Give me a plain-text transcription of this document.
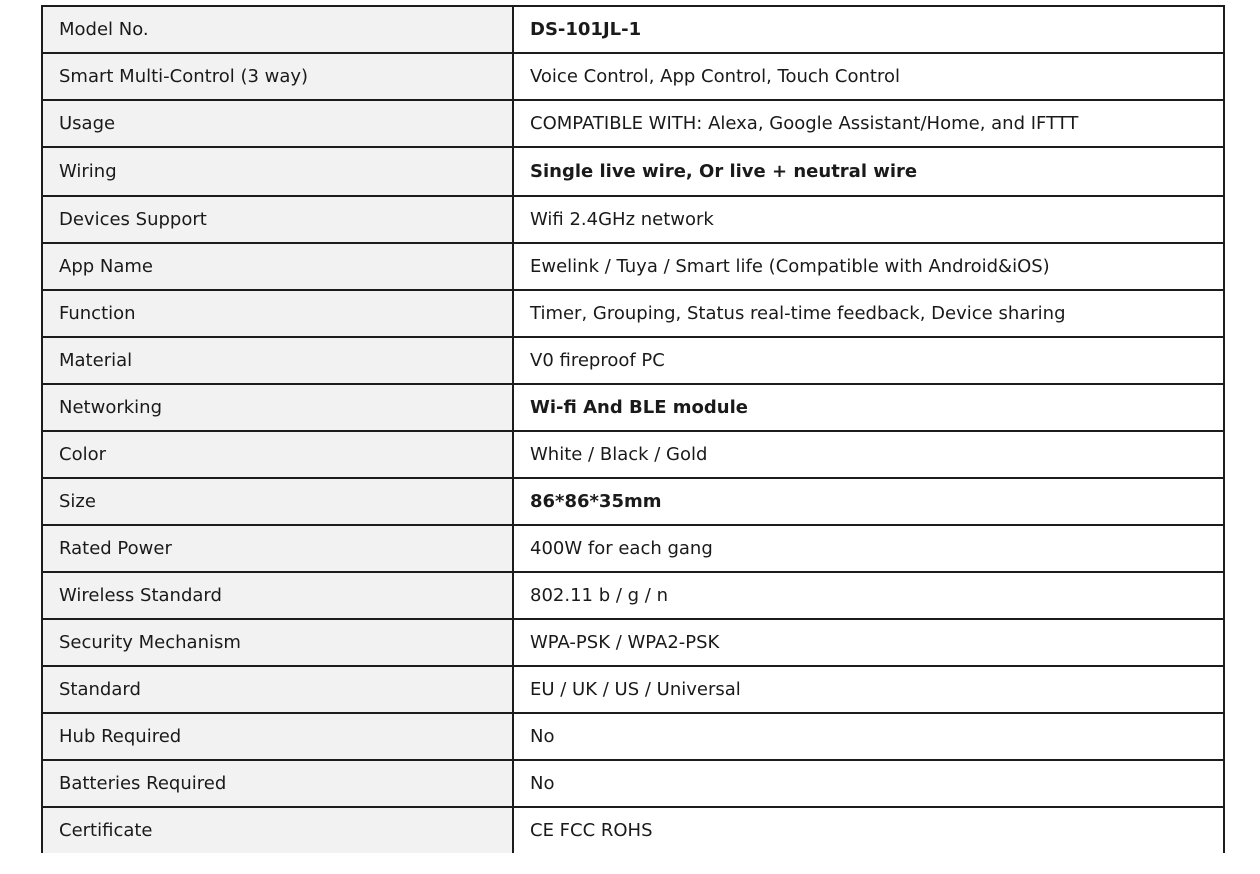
Model No.	DS-101JL-1
Smart Multi-Control (3 way)	Voice Control, App Control, Touch Control
Usage	COMPATIBLE WITH: Alexa, Google Assistant/Home, and IFTTT
Wiring	Single live wire, Or live + neutral wire
Devices Support	Wifi 2.4GHz network
App Name	Ewelink / Tuya / Smart life (Compatible with Android&iOS)
Function	Timer, Grouping, Status real-time feedback, Device sharing
Material	V0 fireproof PC
Networking	Wi-fi And BLE module
Color	White / Black / Gold
Size	86*86*35mm
Rated Power	400W for each gang
Wireless Standard	802.11 b / g / n
Security Mechanism	WPA-PSK / WPA2-PSK
Standard	EU / UK / US / Universal
Hub Required	No
Batteries Required	No
Certificate	CE FCC ROHS
